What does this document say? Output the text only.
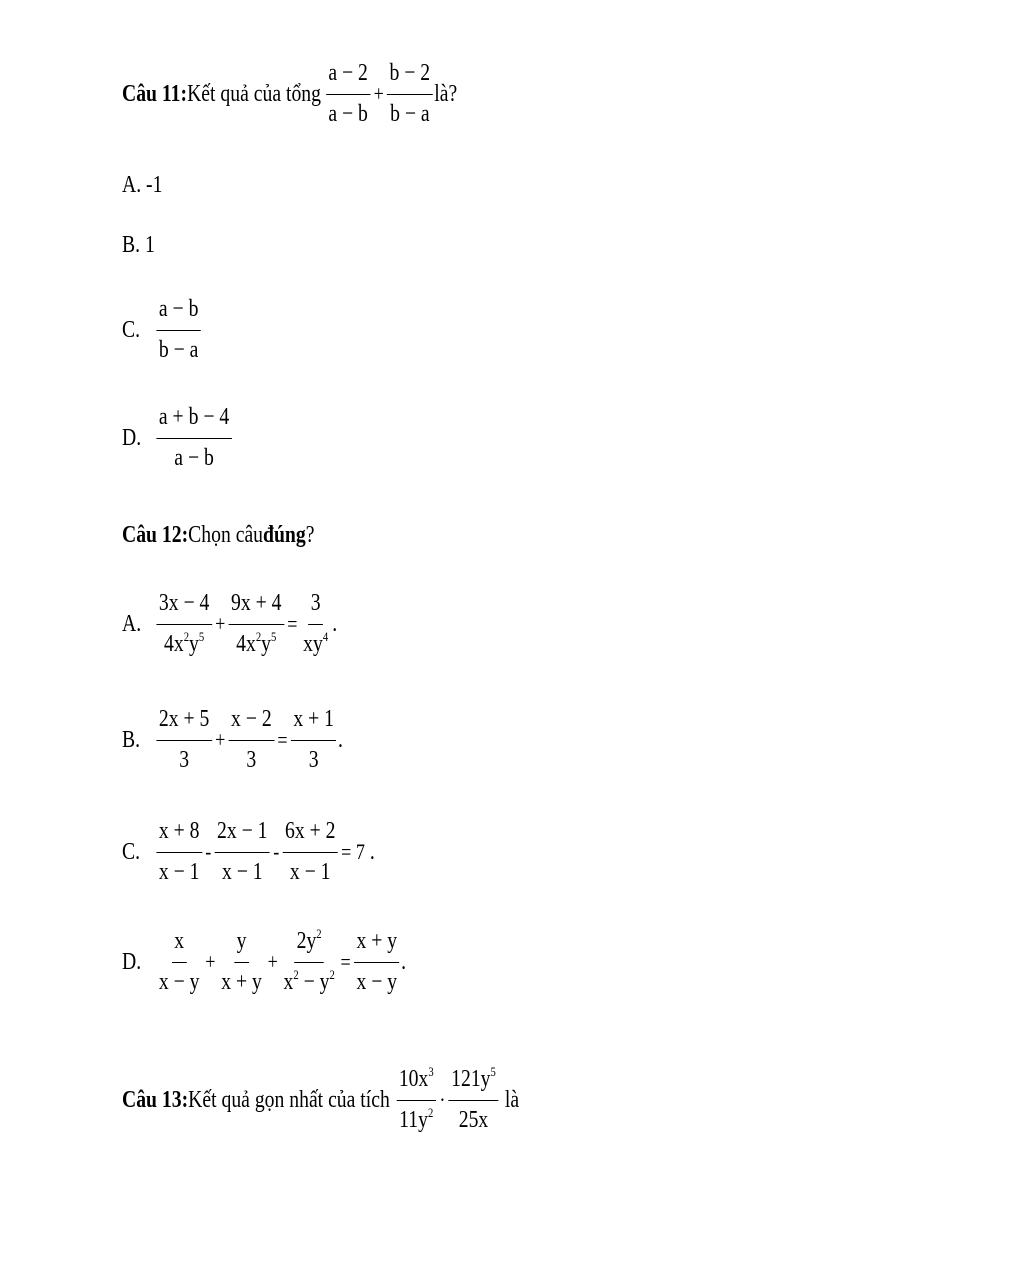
Câu 11: Kết quả của tổng $\frac{a - 2}{a - b} + \frac{b - 2}{b - a}$ là?
A. -1
B. 1
C. $\frac{a - b}{b - a}$
D. $\frac{a + b - 4}{a - b}$
Câu 12: Chọn câu đúng ?
A. $\frac{3x - 4}{4x^2y^5} + \frac{9x + 4}{4x^2y^5} = \frac{3}{xy^4}$ .
B. $\frac{2x + 5}{3} + \frac{x - 2}{3} = \frac{x + 1}{3}$ .
C. $\frac{x + 8}{x - 1} - \frac{2x - 1}{x - 1} - \frac{6x + 2}{x - 1} = 7$ .
D. $\frac{x}{x - y} + \frac{y}{x + y} + \frac{2y^2}{x^2 - y^2} = \frac{x + y}{x - y}$ .
Câu 13: Kết quả gọn nhất của tích $\frac{10x^3}{11y^2} \cdot \frac{121y^5}{25x}$ là
